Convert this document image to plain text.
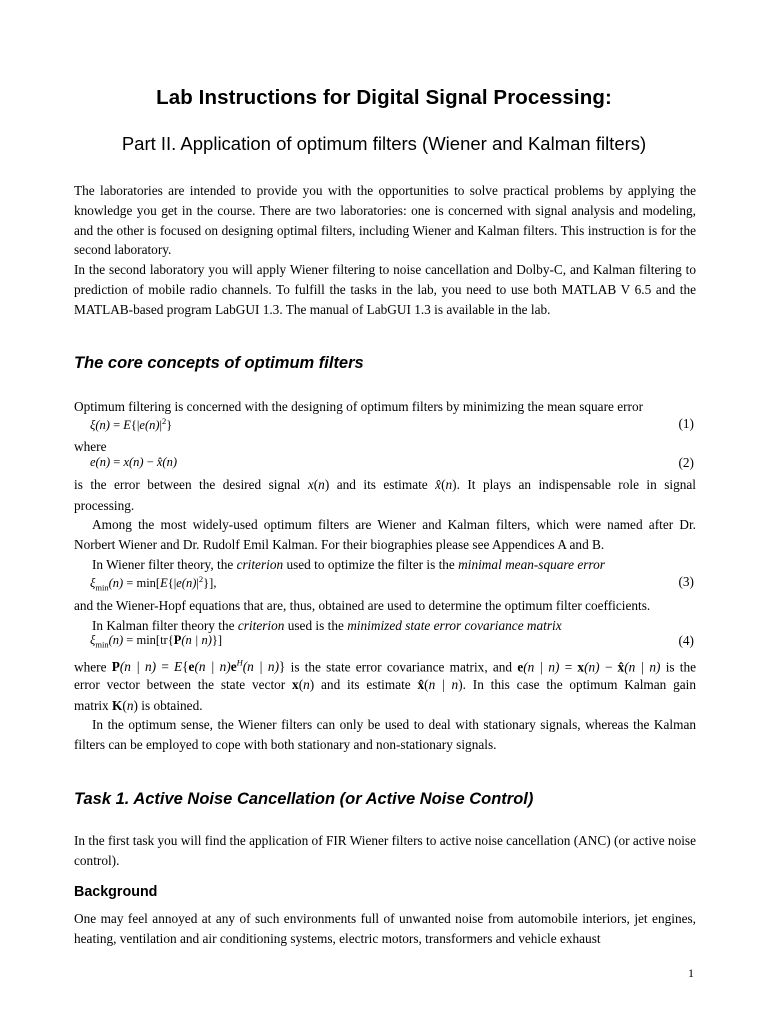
Lab Instructions for Digital Signal Processing:
Part II. Application of optimum filters (Wiener and Kalman filters)
The laboratories are intended to provide you with the opportunities to solve practical problems by applying the knowledge you get in the course. There are two laboratories: one is concerned with signal analysis and modeling, and the other is focused on designing optimal filters, including Wiener and Kalman filters. This instruction is for the second laboratory.
In the second laboratory you will apply Wiener filtering to noise cancellation and Dolby-C, and Kalman filtering to prediction of mobile radio channels. To fulfill the tasks in the lab, you need to use both MATLAB V 6.5 and the MATLAB-based program LabGUI 1.3. The manual of LabGUI 1.3 is available in the lab.
The core concepts of optimum filters
Optimum filtering is concerned with the designing of optimum filters by minimizing the mean square error
$\xi(n) = E\{|e(n)|^2\}$	(1)
where
e(n) = x(n) − x̂(n)	(2)
is the error between the desired signal x(n) and its estimate x̂(n). It plays an indispensable role in signal
processing.
Among the most widely-used optimum filters are Wiener and Kalman filters, which were named after Dr. Norbert Wiener and Dr. Rudolf Emil Kalman. For their biographies please see Appendices A and B.
In Wiener filter theory, the criterion used to optimize the filter is the minimal mean-square error
$\xi_{min}(n) = \min[E\{|e(n)|^2\}]$,	(3)
and the Wiener-Hopf equations that are, thus, obtained are used to determine the optimum filter coefficients.
In Kalman filter theory the criterion used is the minimized state error covariance matrix
$\xi_{min}(n) = \min[tr\{P(n$ | n)}]	(4)
where P(n | n) = E{e(n | $n)e^H(n$ | n)} is the state error covariance matrix, and e(n | n) = x(n) − x̂(n | n) is the
error vector between the state vector x(n) and its estimate x̂(n | n). In this case the optimum Kalman gain
matrix K(n) is obtained.
In the optimum sense, the Wiener filters can only be used to deal with stationary signals, whereas the Kalman filters can be employed to cope with both stationary and non-stationary signals.
Task 1. Active Noise Cancellation (or Active Noise Control)
In the first task you will find the application of FIR Wiener filters to active noise cancellation (ANC) (or active noise control).
Background
One may feel annoyed at any of such environments full of unwanted noise from automobile interiors, jet engines, heating, ventilation and air conditioning systems, electric motors, transformers and vehicle exhaust
1
